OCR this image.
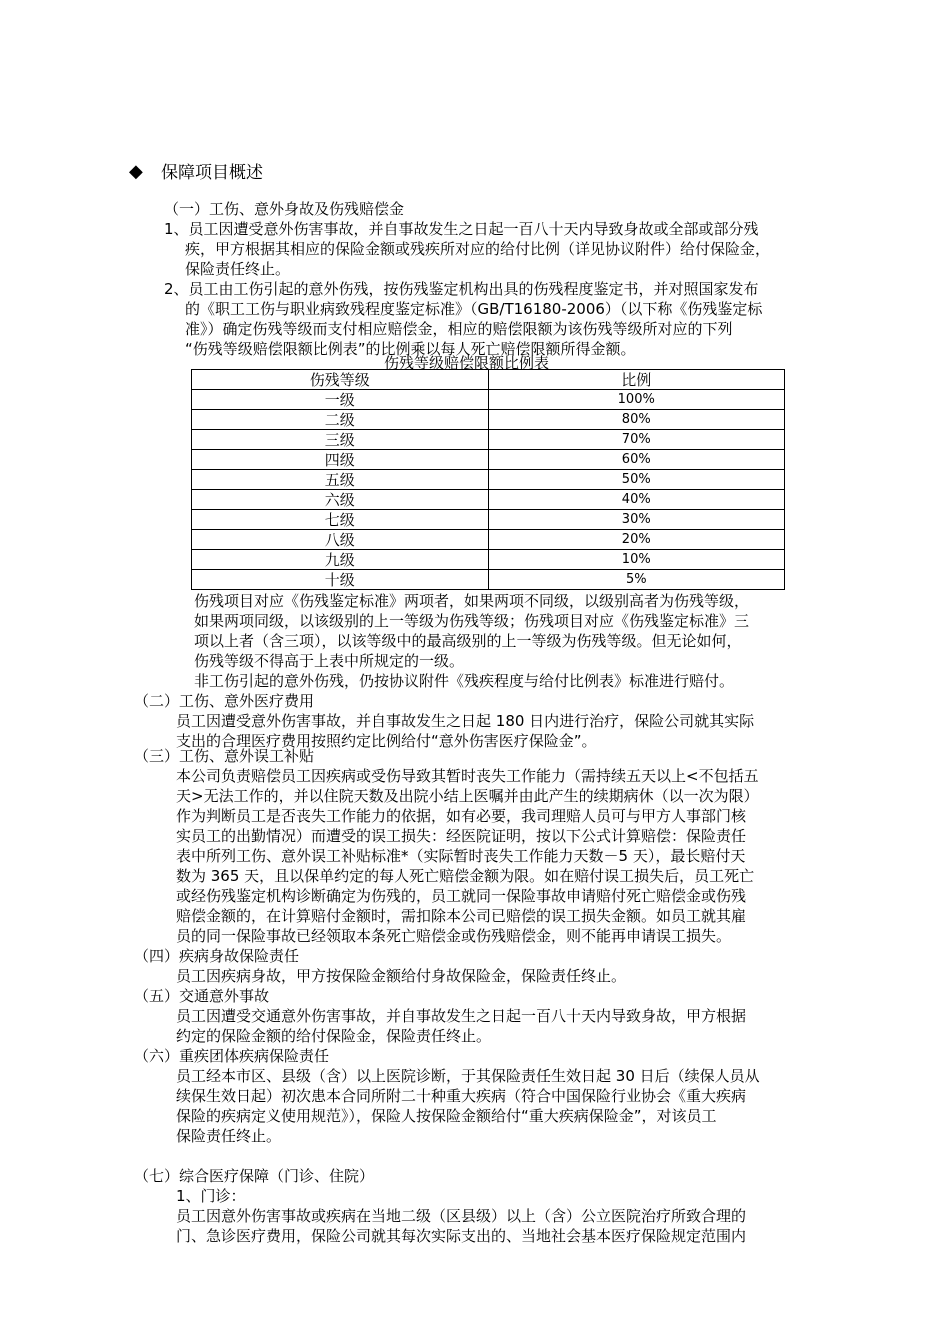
◆ 保障项目概述
（一）工伤、意外身故及伤残赔偿金
1、员工因遭受意外伤害事故，并自事故发生之日起一百八十天内导致身故或全部或部分残
疾，甲方根据其相应的保险金额或残疾所对应的给付比例（详见协议附件）给付保险金，
保险责任终止。
2、员工由工伤引起的意外伤残，按伤残鉴定机构出具的伤残程度鉴定书，并对照国家发布
的《职工工伤与职业病致残程度鉴定标准》（GB/T16180-2006）（以下称《伤残鉴定标
准》）确定伤残等级而支付相应赔偿金，相应的赔偿限额为该伤残等级所对应的下列
“伤残等级赔偿限额比例表”的比例乘以每人死亡赔偿限额所得金额。
伤残等级赔偿限额比例表
伤残等级	比例
一级	100%
二级	80%
三级	70%
四级	60%
五级	50%
六级	40%
七级	30%
八级	20%
九级	10%
十级	5%
伤残项目对应《伤残鉴定标准》两项者，如果两项不同级，以级别高者为伤残等级，
如果两项同级，以该级别的上一等级为伤残等级；伤残项目对应《伤残鉴定标准》三
项以上者（含三项），以该等级中的最高级别的上一等级为伤残等级。但无论如何，
伤残等级不得高于上表中所规定的一级。
非工伤引起的意外伤残，仍按协议附件《残疾程度与给付比例表》标准进行赔付。
（二）工伤、意外医疗费用
员工因遭受意外伤害事故，并自事故发生之日起 180 日内进行治疗，保险公司就其实际
支出的合理医疗费用按照约定比例给付“意外伤害医疗保险金”。
（三）工伤、意外误工补贴
本公司负责赔偿员工因疾病或受伤导致其暂时丧失工作能力（需持续五天以上<不包括五
天>无法工作的，并以住院天数及出院小结上医嘱并由此产生的续期病休（以一次为限）
作为判断员工是否丧失工作能力的依据，如有必要，我司理赔人员可与甲方人事部门核
实员工的出勤情况）而遭受的误工损失：经医院证明，按以下公式计算赔偿：保险责任
表中所列工伤、意外误工补贴标准*（实际暂时丧失工作能力天数－5 天），最长赔付天
数为 365 天，且以保单约定的每人死亡赔偿金额为限。如在赔付误工损失后，员工死亡
或经伤残鉴定机构诊断确定为伤残的，员工就同一保险事故申请赔付死亡赔偿金或伤残
赔偿金额的，在计算赔付金额时，需扣除本公司已赔偿的误工损失金额。如员工就其雇
员的同一保险事故已经领取本条死亡赔偿金或伤残赔偿金，则不能再申请误工损失。
（四）疾病身故保险责任
员工因疾病身故，甲方按保险金额给付身故保险金，保险责任终止。
（五）交通意外事故
员工因遭受交通意外伤害事故，并自事故发生之日起一百八十天内导致身故，甲方根据
约定的保险金额的给付保险金，保险责任终止。
（六）重疾团体疾病保险责任
员工经本市区、县级（含）以上医院诊断，于其保险责任生效日起 30 日后（续保人员从
续保生效日起）初次患本合同所附二十种重大疾病（符合中国保险行业协会《重大疾病
保险的疾病定义使用规范》），保险人按保险金额给付“重大疾病保险金”，对该员工
保险责任终止。
（七）综合医疗保障（门诊、住院）
1、门诊：
员工因意外伤害事故或疾病在当地二级（区县级）以上（含）公立医院治疗所致合理的
门、急诊医疗费用，保险公司就其每次实际支出的、当地社会基本医疗保险规定范围内
